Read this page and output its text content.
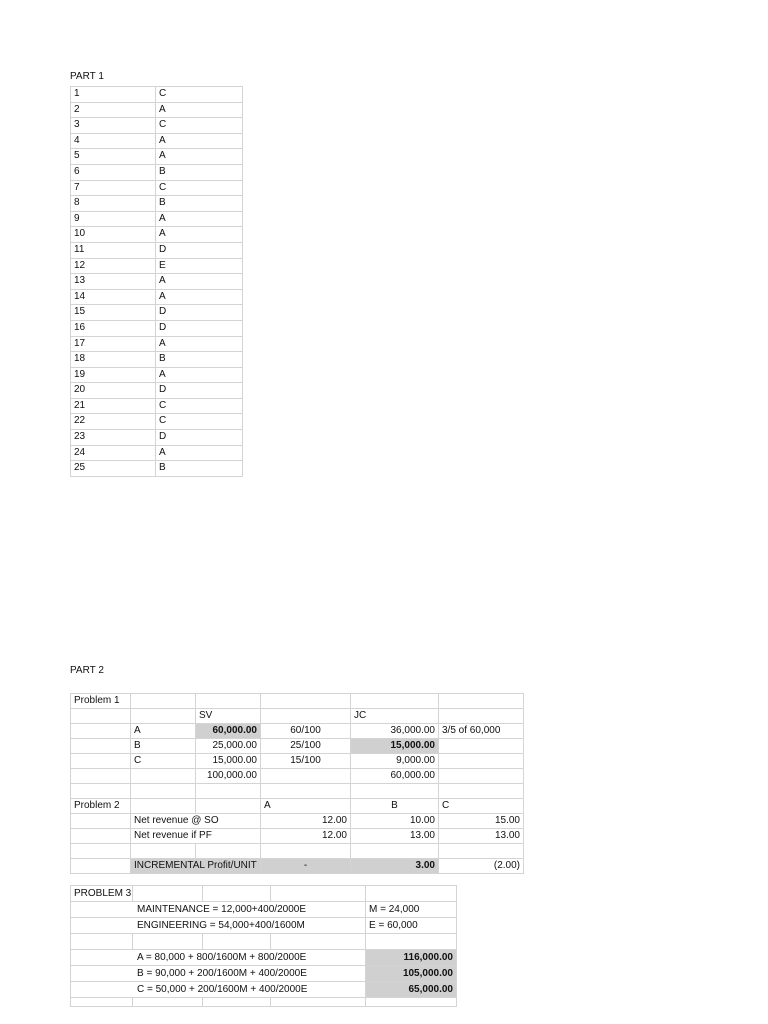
PART 1
1	C
2	A
3	C
4	A
5	A
6	B
7	C
8	B
9	A
10	A
11	D
12	E
13	A
14	A
15	D
16	D
17	A
18	B
19	A
20	D
21	C
22	C
23	D
24	A
25	B
PART 2
Problem 1					
		SV		JC	
	A	60,000.00	60/100	36,000.00	3/5 of 60,000
	B	25,000.00	25/100	15,000.00	
	C	15,000.00	15/100	9,000.00	
		100,000.00		60,000.00	

Problem 2			A	B	C
	Net revenue @ SO		12.00	10.00	15.00
	Net revenue if PF		12.00	13.00	13.00

	INCREMENTAL Profit/UNIT		-	3.00	(2.00)
PROBLEM 3				
MAINTENANCE = 12,000+400/2000E				M = 24,000
ENGINEERING = 54,000+400/1600M				E = 60,000

A = 80,000 + 800/1600M + 800/2000E				116,000.00
B = 90,000 + 200/1600M + 400/2000E				105,000.00
C = 50,000 + 200/1600M + 400/2000E				65,000.00
